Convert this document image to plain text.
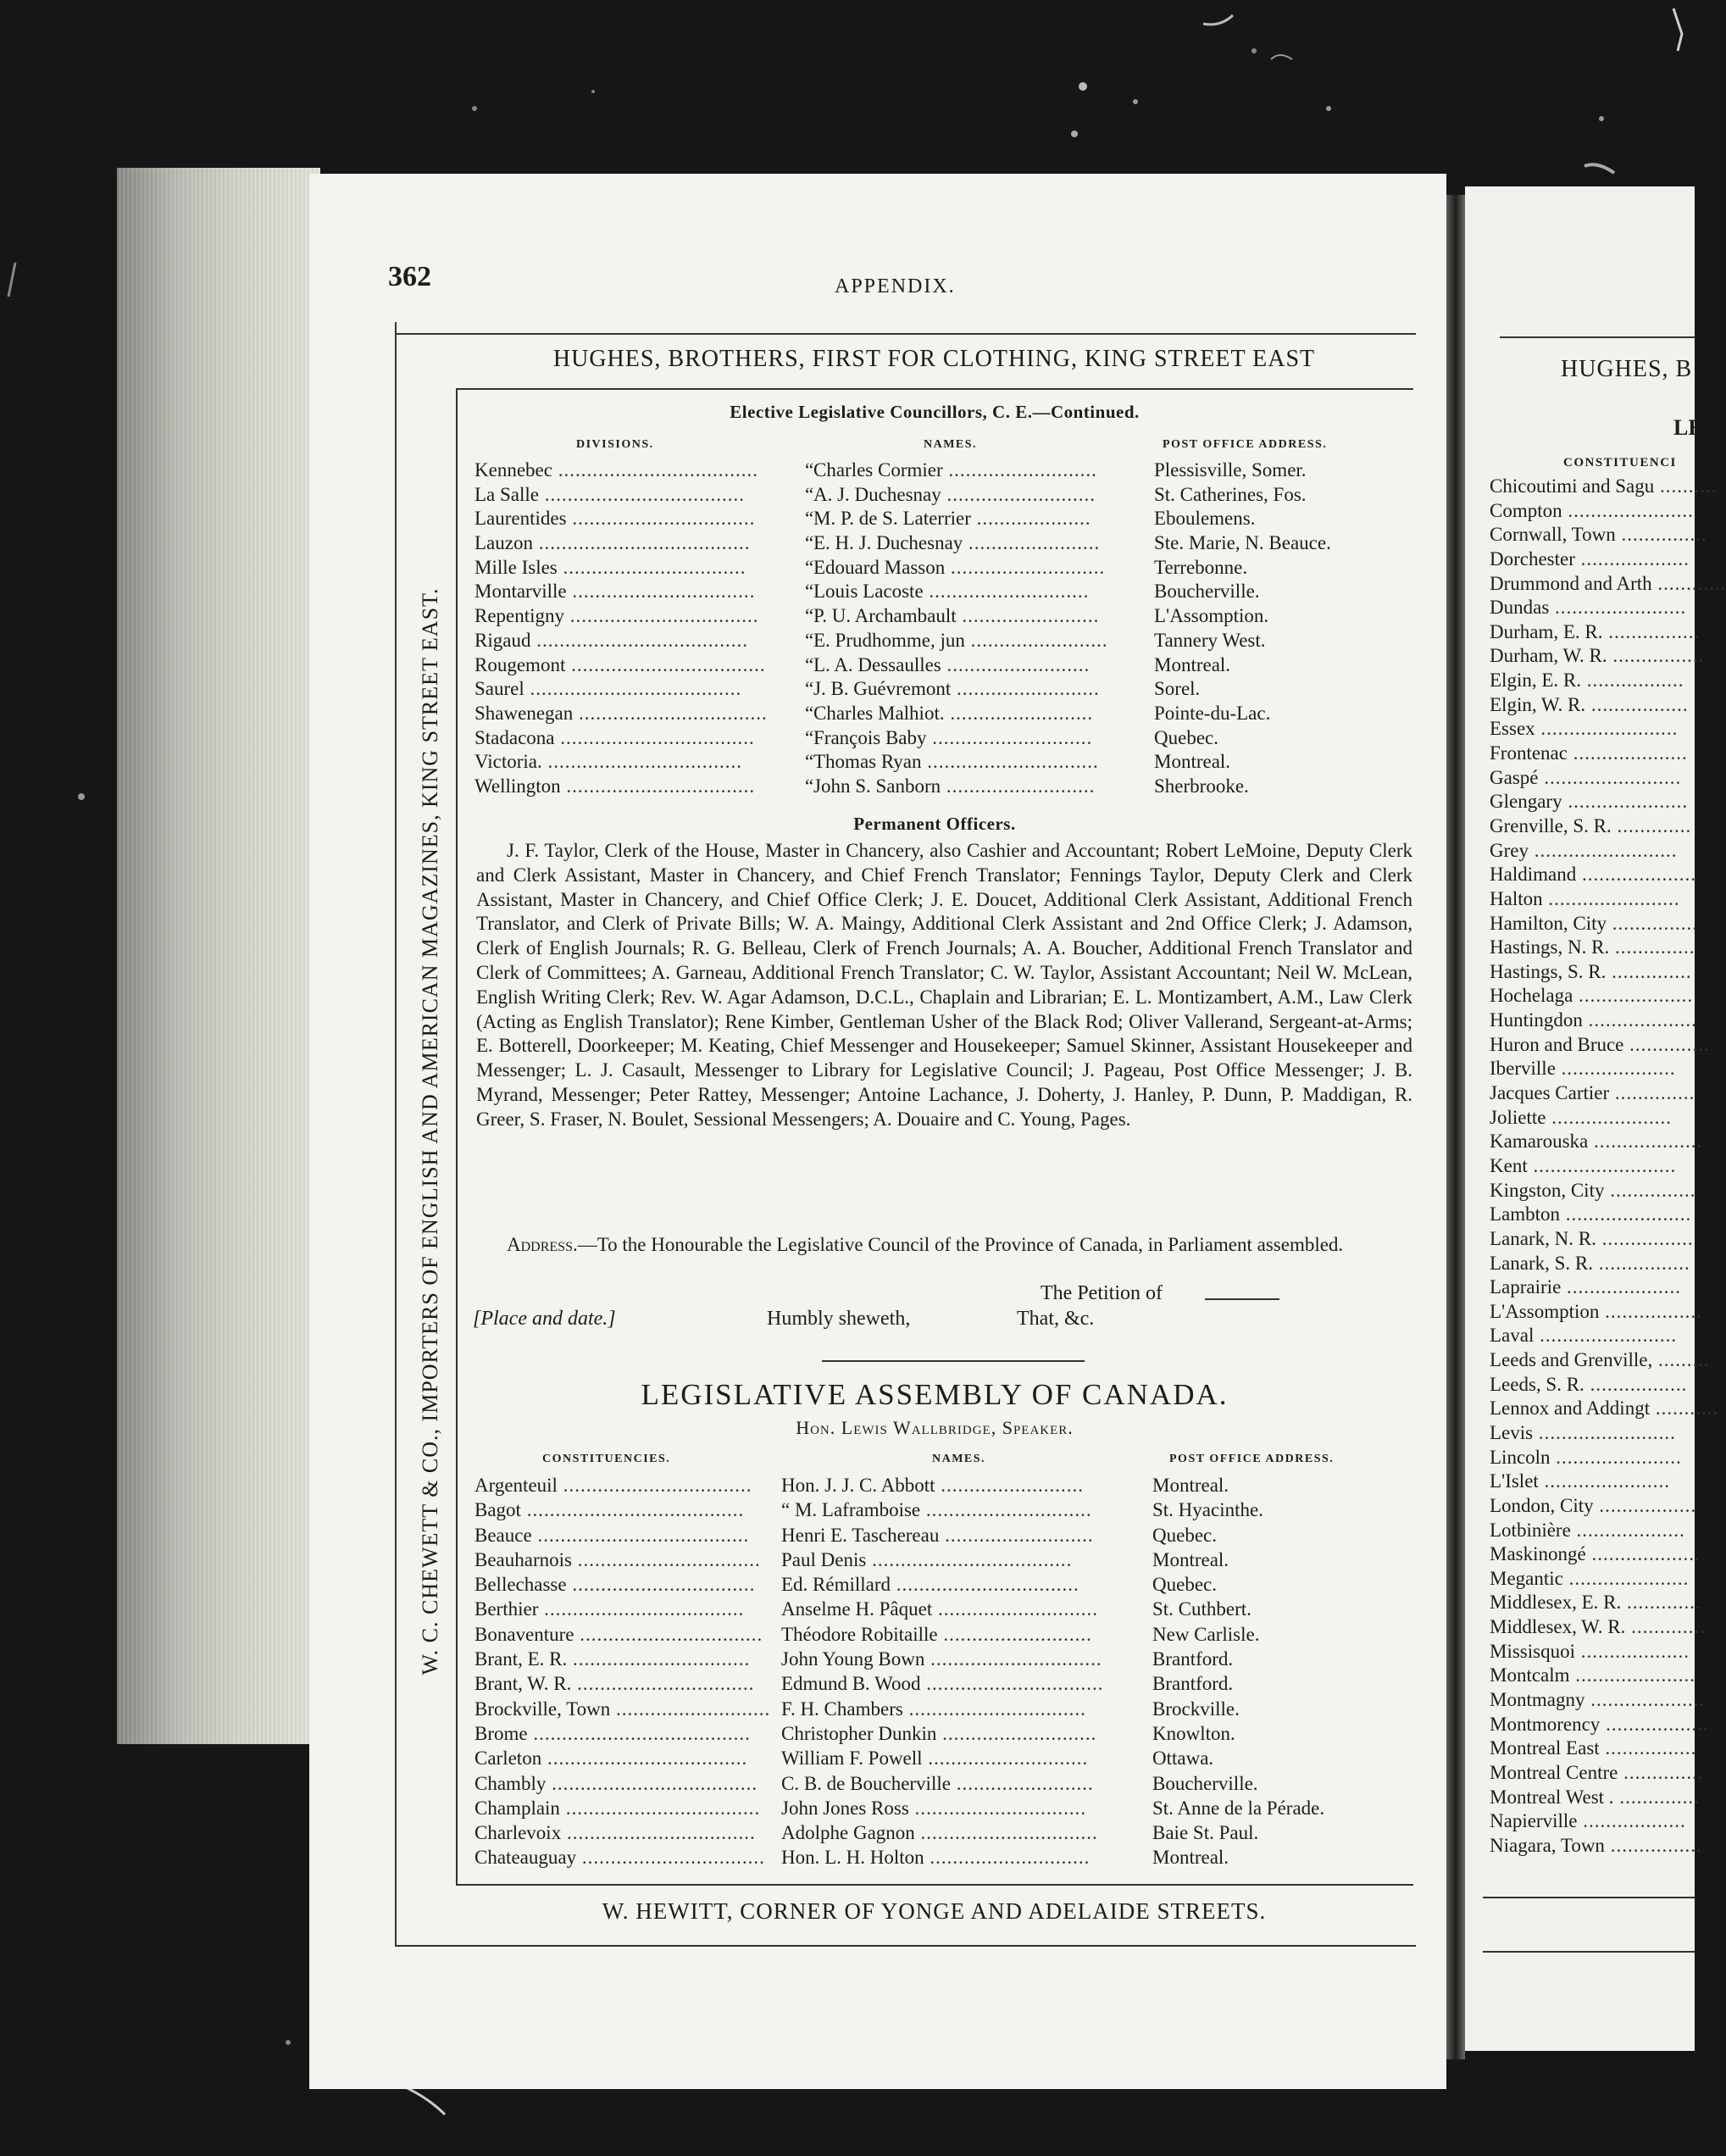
HUGHES, B
LE
CONSTITUENCI
Chicoutimi and Sagu ..........
Compton ......................
Cornwall, Town ...............
Dorchester ...................
Drummond and Arth ............
Dundas .......................
Durham, E. R. ................
Durham, W. R. ................
Elgin, E. R. .................
Elgin, W. R. .................
Essex ........................
Frontenac ....................
Gaspé ........................
Glengary .....................
Grenville, S. R. .............
Grey .........................
Haldimand ....................
Halton .......................
Hamilton, City ...............
Hastings, N. R. ..............
Hastings, S. R. ..............
Hochelaga ....................
Huntingdon ...................
Huron and Bruce ..............
Iberville ....................
Jacques Cartier ..............
Joliette .....................
Kamarouska ...................
Kent .........................
Kingston, City ...............
Lambton ......................
Lanark, N. R. ................
Lanark, S. R. ................
Laprairie ....................
L'Assomption .................
Laval ........................
Leeds and Grenville, .........
Leeds, S. R. .................
Lennox and Addingt ...........
Levis ........................
Lincoln ......................
L'Islet ......................
London, City .................
Lotbinière ...................
Maskinongé ...................
Megantic .....................
Middlesex, E. R. .............
Middlesex, W. R. .............
Missisquoi ...................
Montcalm .....................
Montmagny ....................
Montmorency ..................
Montreal East ................
Montreal Centre ..............
Montreal West . ..............
Napierville ..................
Niagara, Town ................
362	APPENDIX.
HUGHES, BROTHERS, FIRST FOR CLOTHING, KING STREET EAST
W. C. CHEWETT & CO., IMPORTERS OF ENGLISH AND AMERICAN MAGAZINES, KING STREET EAST.
W. HEWITT, CORNER OF YONGE AND ADELAIDE STREETS.
Elective Legislative Councillors, C. E.—Continued.
DIVISIONS.	NAMES.	POST OFFICE ADDRESS.
Kennebec ................................... “ Charles Cormier ..........................	Plessisville, Somer.
La Salle ...................................	“ A. J. Duchesnay ..........................	St. Catherines, Fos.
Laurentides ................................	“ M. P. de S. Laterrier ....................	Eboulemens.
Lauzon .....................................	“ E. H. J. Duchesnay .......................	Ste. Marie, N. Beauce.
Mille Isles ................................	“ Edouard Masson ...........................	Terrebonne.
Montarville ................................	“ Louis Lacoste ............................	Boucherville.
Repentigny ................................. “ P. U. Archambault ........................	L'Assomption.
Rigaud .....................................	“ E. Prudhomme, jun ........................ Tannery West.
Rougemont .................................. “ L. A. Dessaulles .........................	Montreal.
Saurel .....................................	“ J. B. Guévremont .........................	Sorel.
Shawenegan ................................. “ Charles Malhiot. .........................	Pointe-du-Lac.
Stadacona ..................................	“ François Baby ............................	Quebec.
Victoria. ..................................	“ Thomas Ryan ..............................	Montreal.
Wellington .................................	“ John S. Sanborn ..........................	Sherbrooke.
Permanent Officers.
J. F. Taylor, Clerk of the House, Master in Chancery, also Cashier and Accountant; Robert LeMoine, Deputy Clerk and Clerk Assistant, Master in Chancery, and Chief French Translator; Fennings Taylor, Deputy Clerk and Clerk Assistant, Master in Chancery, and Chief Office Clerk; J. E. Doucet, Additional Clerk Assistant, Additional French Translator, and Clerk of Private Bills; W. A. Maingy, Additional Clerk Assistant and 2nd Office Clerk; J. Adamson, Clerk of English Journals; R. G. Belleau, Clerk of French Journals; A. A. Boucher, Additional French Translator and Clerk of Committees; A. Garneau, Additional French Translator; C. W. Taylor, Assistant Accountant; Neil W. McLean, English Writing Clerk; Rev. W. Agar Adamson, D.C.L., Chaplain and Librarian; E. L. Montizambert, A.M., Law Clerk (Acting as English Translator); Rene Kimber, Gentleman Usher of the Black Rod; Oliver Vallerand, Sergeant-at-Arms; E. Botterell, Doorkeeper; M. Keating, Chief Messenger and Housekeeper; Samuel Skinner, Assistant Housekeeper and Messenger; L. J. Casault, Messenger to Library for Legislative Council; J. Pageau, Post Office Messenger; J. B. Myrand, Messenger; Peter Rattey, Messenger; Antoine Lachance, J. Doherty, J. Hanley, P. Dunn, P. Maddigan, R. Greer, S. Fraser, N. Boulet, Sessional Messengers; A. Douaire and C. Young, Pages.
Address.—To the Honourable the Legislative Council of the Province of Canada, in Parliament assembled.
The Petition of
[Place and date.]	Humbly sheweth,	That, &c.
LEGISLATIVE ASSEMBLY OF CANADA.
Hon. Lewis Wallbridge, Speaker.
CONSTITUENCIES.	NAMES.	POST OFFICE ADDRESS.
Argenteuil ................................. Hon. J. J. C. Abbott .........................	Montreal.
Bagot ...................................... “ M. Laframboise .............................	St. Hyacinthe.
Beauce ..................................... Henri E. Taschereau ..........................	Quebec.
Beauharnois ................................ Paul Denis ...................................	Montreal.
Bellechasse ................................ Ed. Rémillard ................................	Quebec.
Berthier ................................... Anselme H. Pâquet ............................	St. Cuthbert.
Bonaventure ................................ Théodore Robitaille ..........................	New Carlisle.
Brant, E. R. ............................... John Young Bown ..............................	Brantford.
Brant, W. R. ............................... Edmund B. Wood ...............................	Brantford.
Brockville, Town ........................... F. H. Chambers ...............................	Brockville.
Brome ...................................... Christopher Dunkin ...........................	Knowlton.
Carleton ................................... William F. Powell ............................	Ottawa.
Chambly .................................... C. B. de Boucherville ........................	Boucherville.
Champlain .................................. John Jones Ross ..............................	St. Anne de la Pérade.
Charlevoix ................................. Adolphe Gagnon ...............................	Baie St. Paul.
Chateauguay ................................ Hon. L. H. Holton ............................	Montreal.
